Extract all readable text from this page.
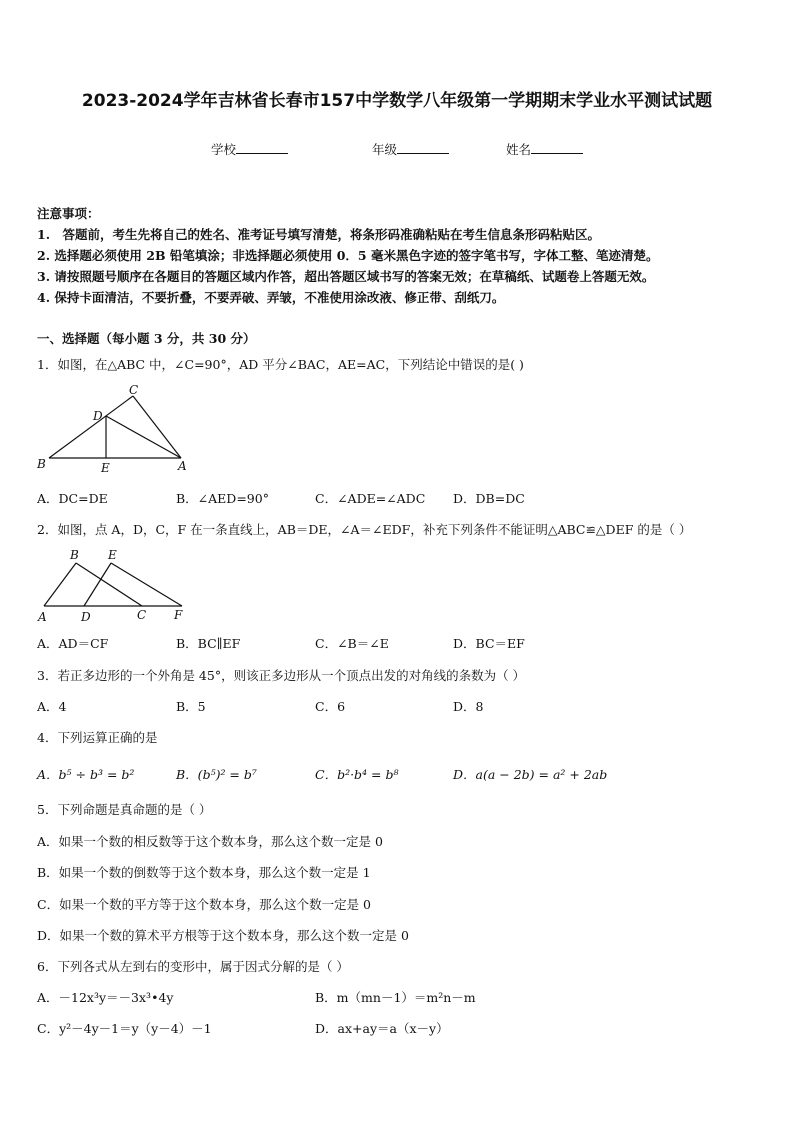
2023-2024学年吉林省长春市157中学数学八年级第一学期期末学业水平测试试题
学校	年级	姓名
注意事项：
1.　答题前，考生先将自己的姓名、准考证号填写清楚，将条形码准确粘贴在考生信息条形码粘贴区。
2. 选择题必须使用 2B 铅笔填涂；非选择题必须使用 0．5 毫米黑色字迹的签字笔书写，字体工整、笔迹清楚。
3. 请按照题号顺序在各题目的答题区域内作答，超出答题区域书写的答案无效；在草稿纸、试题卷上答题无效。
4. 保持卡面清洁，不要折叠，不要弄破、弄皱，不准使用涂改液、修正带、刮纸刀。
一、选择题（每小题 3 分，共 30 分）
1．如图，在△ABC 中，∠C=90°，AD 平分∠BAC，AE=AC，下列结论中错误的是( )
C
D
B	E	A
A．DC=DE	B．∠AED=90°	C．∠ADE=∠ADC D．DB=DC
2．如图，点 A，D，C，F 在一条直线上，AB＝DE，∠A＝∠EDF，补充下列条件不能证明△ABC≌△DEF 的是（ ）
B E
A	D	C F
A．AD＝CF	B．BC∥EF	C．∠B＝∠E	D．BC＝EF
3．若正多边形的一个外角是 45°，则该正多边形从一个顶点出发的对角线的条数为（ ）
A．4	B．5	C．6	D．8
4．下列运算正确的是
A．b⁵ ÷ b³ = b²	B．(b⁵)² = b⁷	C．b²·b⁴ = b⁸	D．a(a − 2b) = a² + 2ab
5．下列命题是真命题的是（ ）
A．如果一个数的相反数等于这个数本身，那么这个数一定是 0
B．如果一个数的倒数等于这个数本身，那么这个数一定是 1
C．如果一个数的平方等于这个数本身，那么这个数一定是 0
D．如果一个数的算术平方根等于这个数本身，那么这个数一定是 0
6．下列各式从左到右的变形中，属于因式分解的是（ ）
A．－12x³y＝－3x³•4y	B．m（mn－1）＝m²n－m
C．y²－4y－1＝y（y－4）－1	D．ax+ay＝a（x－y）
